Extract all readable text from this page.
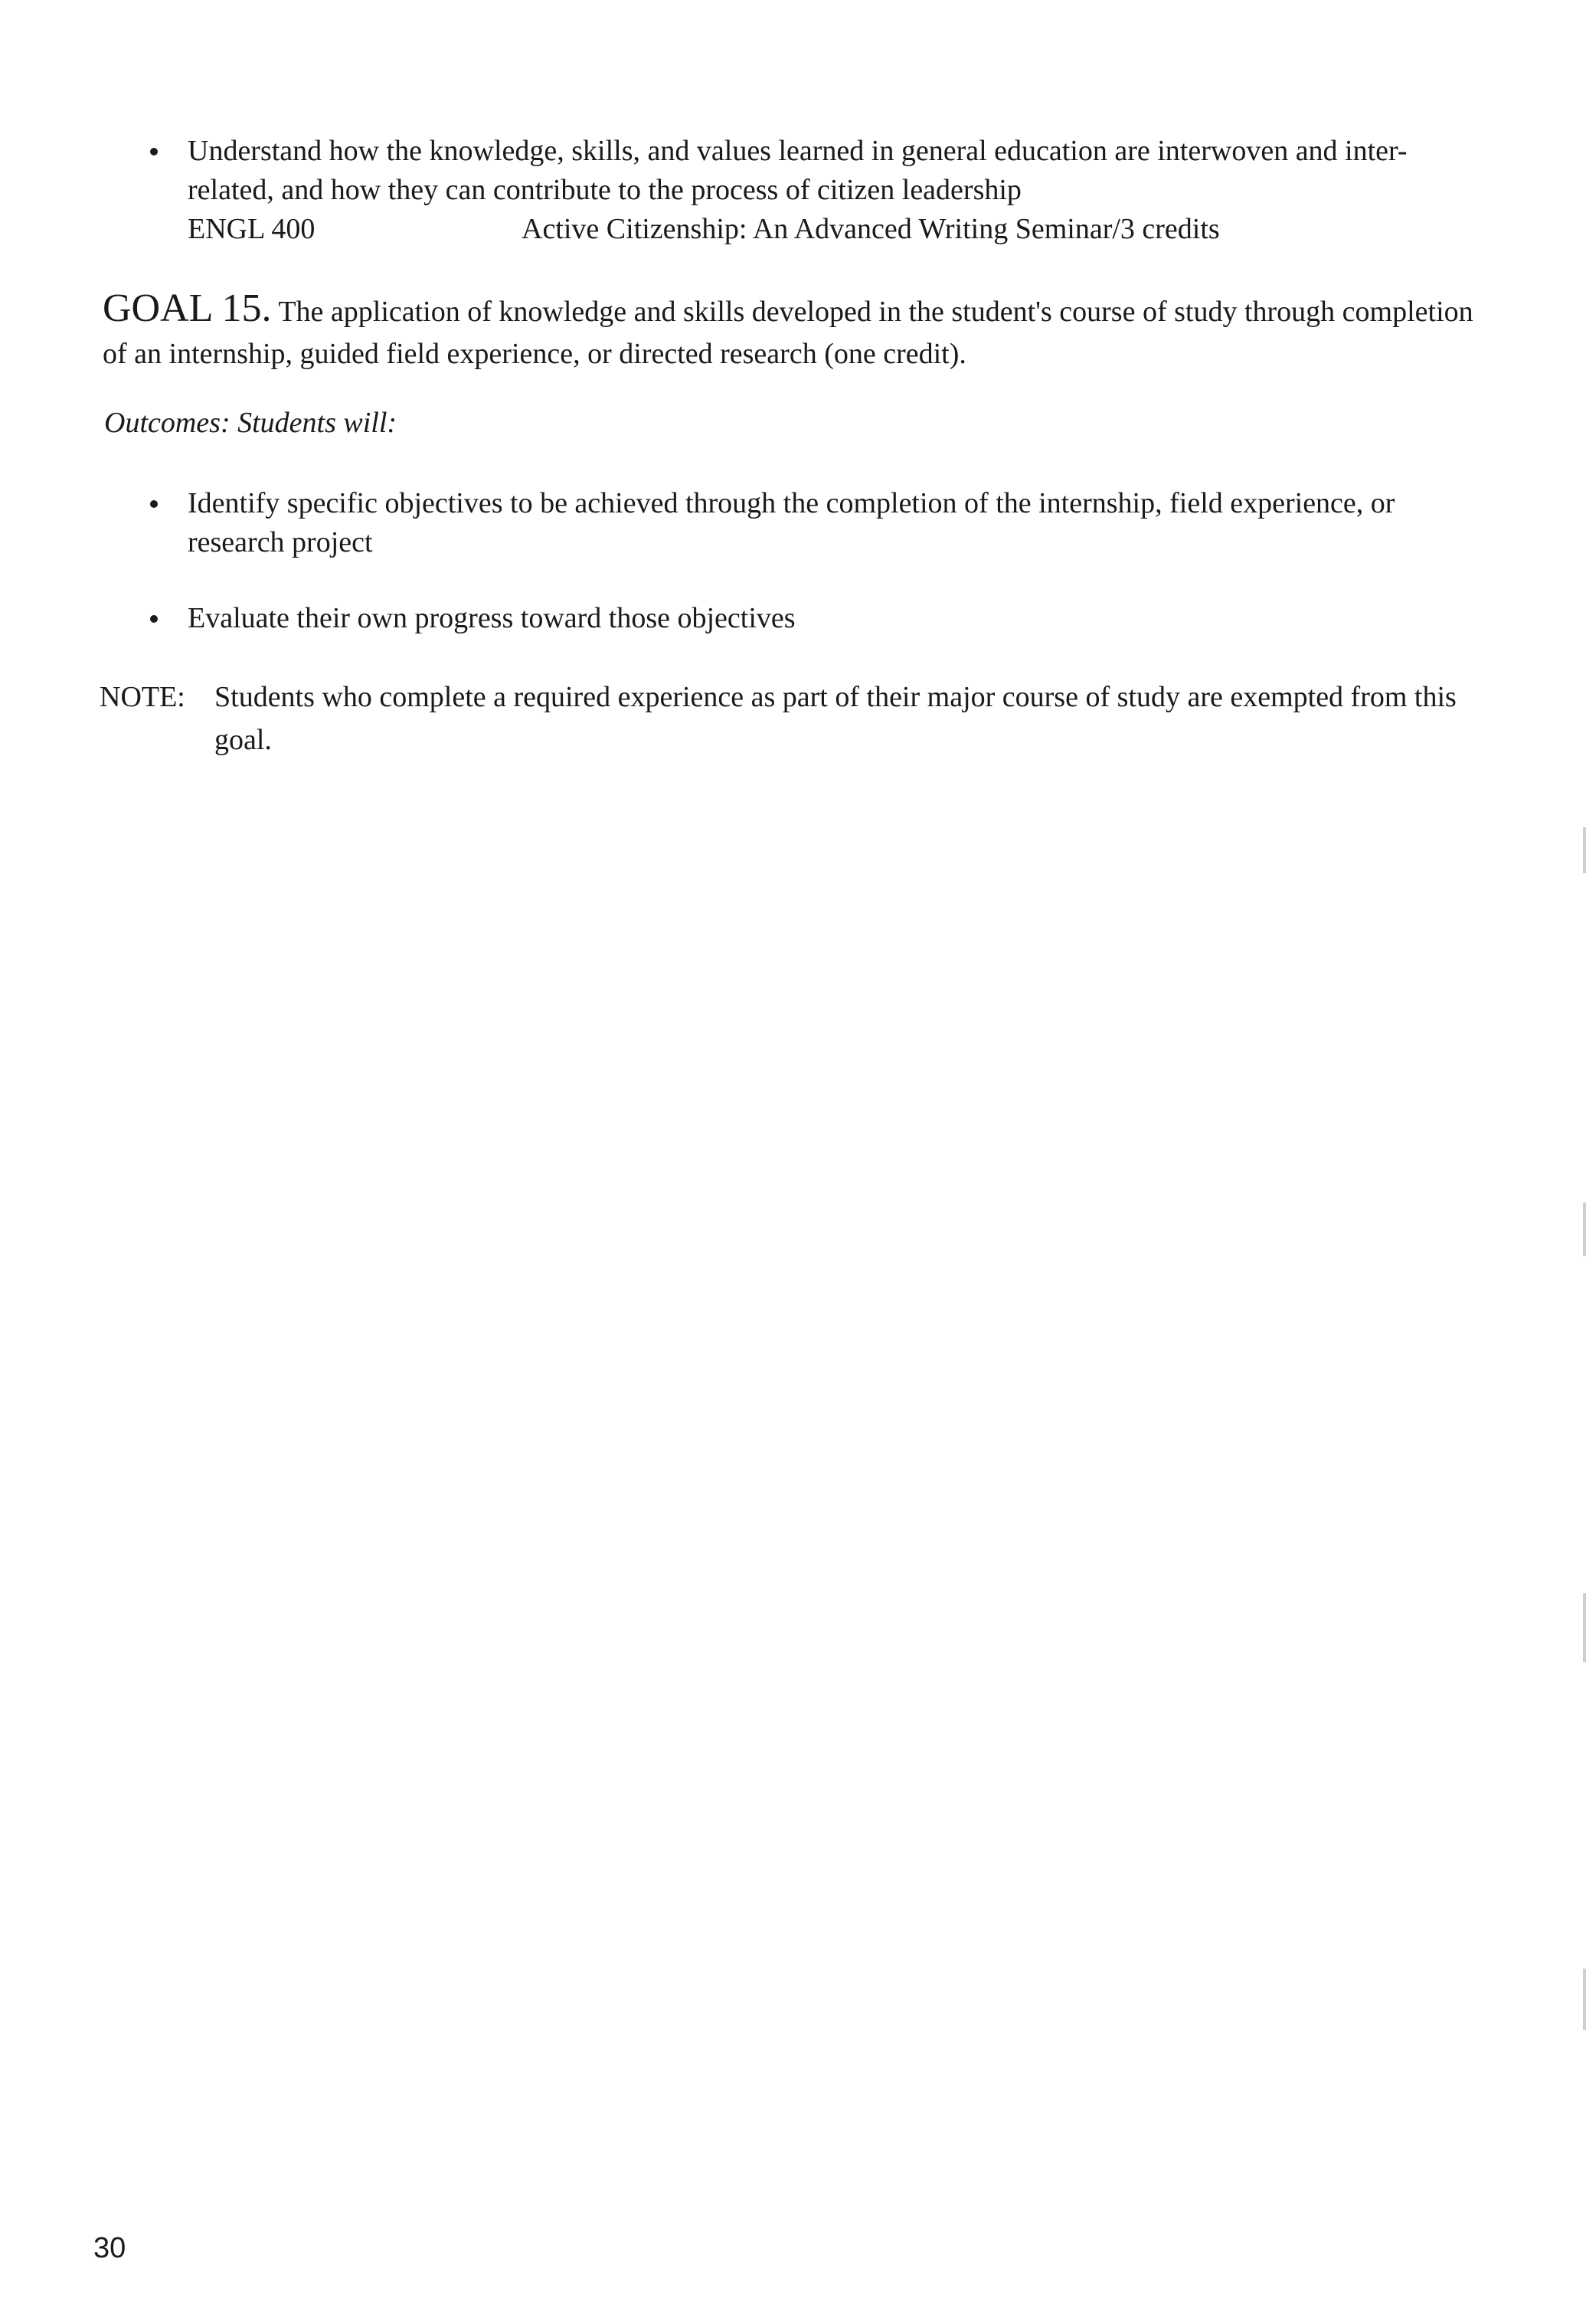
Understand how the knowledge, skills, and values learned in general education are interwoven and inter-related, and how they can contribute to the process of citizen leadership
ENGL 400	Active Citizenship: An Advanced Writing Seminar/3 credits
GOAL 15. The application of knowledge and skills developed in the student's course of study through completion of an internship, guided field experience, or directed research (one credit).
Outcomes: Students will:
Identify specific objectives to be achieved through the completion of the internship, field experience, or research project
Evaluate their own progress toward those objectives
NOTE: Students who complete a required experience as part of their major course of study are exempted from this goal.
30
